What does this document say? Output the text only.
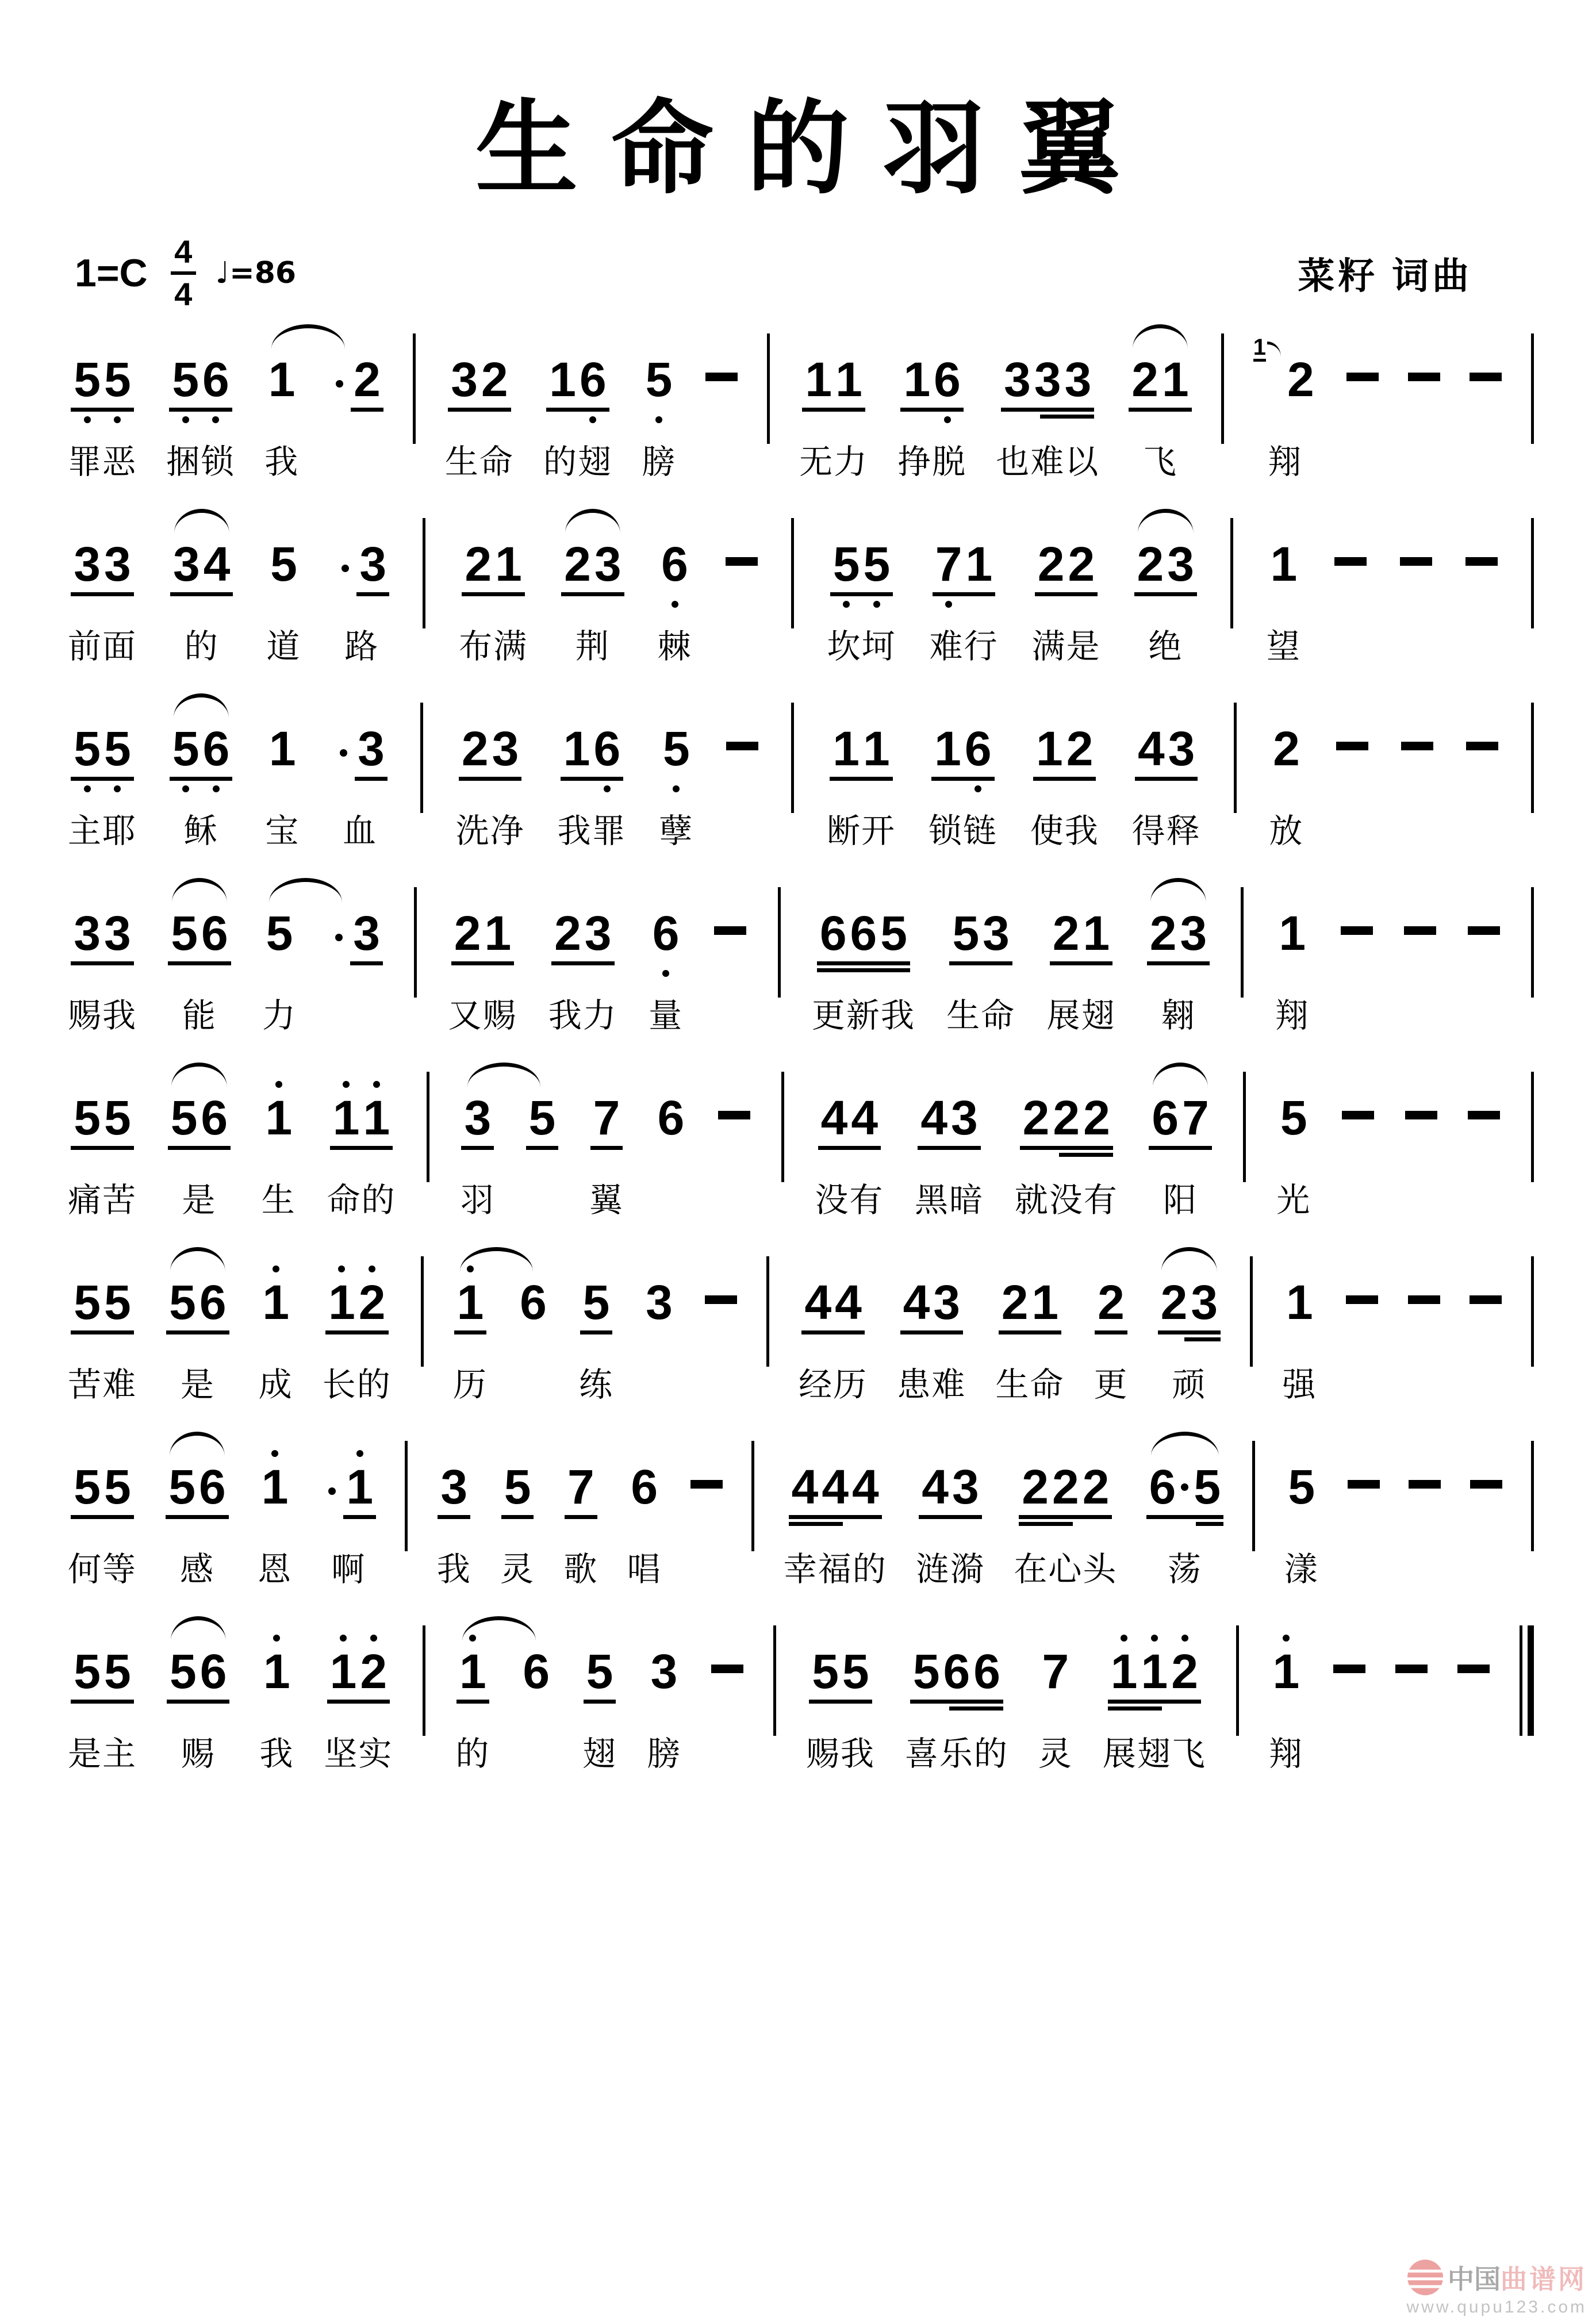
生命的羽翼
1=C 4
4
♩=86	菜籽 词曲
5 5
罪恶
5 6
捆锁
1
我
2 3 2
生命
1 6
的翅
5
膀
1 1
无力
1 6
挣脱
3 3 3
也难以
2 1
飞
1
2
翔
3 3
前面
3 4
的
5
道
3
路
2 1
布满
2 3
荆
6
棘
5 5
坎坷
7 1
难行
2 2
满是
2 3
绝
1
望
5 5
主耶
5 6
稣
1
宝
3
血
2 3
洗净
1 6
我罪
5
孽
1 1
断开
1 6
锁链
1 2
使我
4 3
得释
2
放
3 3
赐我
5 6
能
5
力
3 2 1
又赐
2 3
我力
6
量
6 6 5
更新我
5 3
生命
2 1
展翅
2 3
翱
1
翔
5 5
痛苦
5 6
是
1
生
1 1
命的
3
羽
5 7
翼
6	4 4
没有
4 3
黑暗
2 2 2
就没有
6 7
阳
5
光
5 5
苦难
5 6
是
1
成
1 2
长的
1
历
6 5
练
3	4 4
经历
4 3
患难
2 1
生命
2
更
2 3
顽
1
强
5 5
何等
5 6
感
1
恩
1
啊
3
我
5
灵
7
歌
6
唱
4 4 4
幸福的
4 3
涟漪
2 2 2
在心头
6 5
荡
5
漾
5 5
是主
5 6
赐
1
我
1 2
坚实
1
的
6 5
翅
3
膀
5 5
赐我
5 6 6
喜乐的
7
灵
1 1 2
展翅飞
1
翔
中国 曲谱网
www.qupu123.com
